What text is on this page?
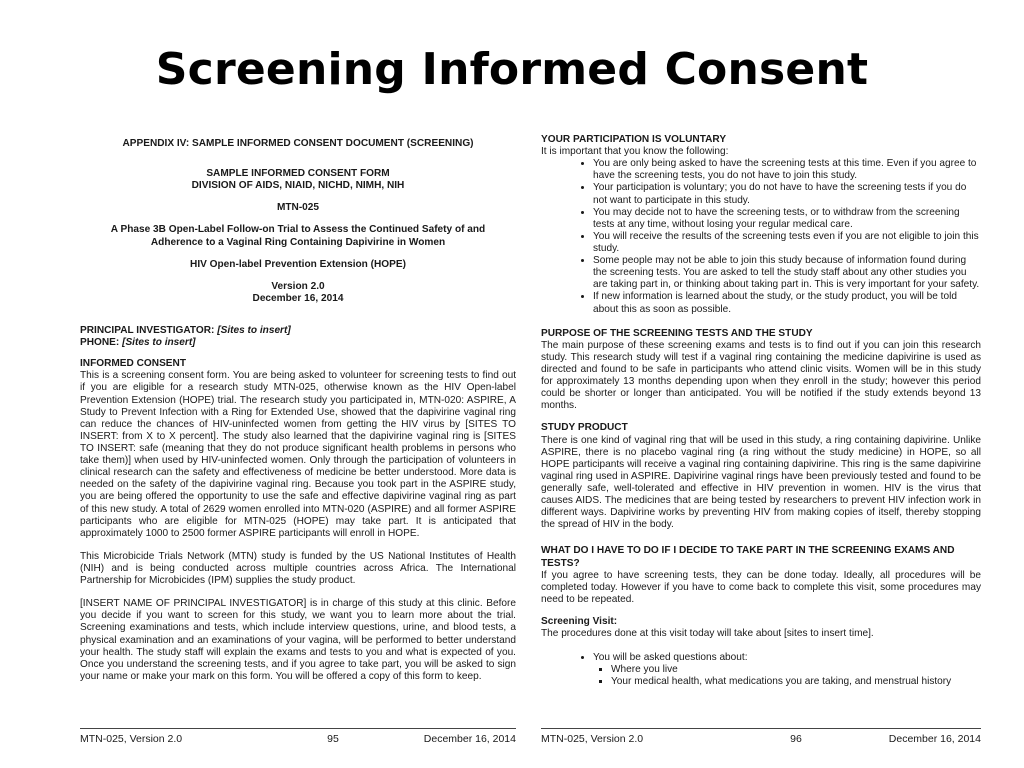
Screening Informed Consent

APPENDIX IV: SAMPLE INFORMED CONSENT DOCUMENT (SCREENING)

SAMPLE INFORMED CONSENT FORM

DIVISION OF AIDS, NIAID, NICHD, NIMH, NIH

MTN-025

A Phase 3B Open-Label Follow-on Trial to Assess the Continued Safety of and Adherence to a Vaginal Ring Containing Dapivirine in Women

HIV Open-label Prevention Extension (HOPE)

Version 2.0

December 16, 2014

PRINCIPAL INVESTIGATOR: [Sites to insert]

PHONE: [Sites to insert]

INFORMED CONSENT

This is a screening consent form. You are being asked to volunteer for screening tests to find out if you are eligible for a research study MTN-025, otherwise known as the HIV Open-label Prevention Extension (HOPE) trial. The research study you participated in, MTN-020: ASPIRE, A Study to Prevent Infection with a Ring for Extended Use, showed that the dapivirine vaginal ring can reduce the chances of HIV-uninfected women from getting the HIV virus by [SITES TO INSERT: from X to X percent]. The study also learned that the dapivirine vaginal ring is [SITES TO INSERT: safe (meaning that they do not produce significant health problems in persons who take them)] when used by HIV-uninfected women. Only through the participation of volunteers in clinical research can the safety and effectiveness of medicine be better understood. More data is needed on the safety of the dapivirine vaginal ring. Because you took part in the ASPIRE study, you are being offered the opportunity to use the safe and effective dapivirine vaginal ring as part of this new study. A total of 2629 women enrolled into MTN-020 (ASPIRE) and all former ASPIRE participants who are eligible for MTN-025 (HOPE) may take part. It is anticipated that approximately 1000 to 2500 former ASPIRE participants will enroll in HOPE.

This Microbicide Trials Network (MTN) study is funded by the US National Institutes of Health (NIH) and is being conducted across multiple countries across Africa. The International Partnership for Microbicides (IPM) supplies the study product.

[INSERT NAME OF PRINCIPAL INVESTIGATOR] is in charge of this study at this clinic. Before you decide if you want to screen for this study, we want you to learn more about the trial. Screening examinations and tests, which include interview questions, urine, and blood tests, a physical examination and an examinations of your vagina, will be performed to better understand your health. The study staff will explain the exams and tests to you and what is expected of you. Once you understand the screening tests, and if you agree to take part, you will be asked to sign your name or make your mark on this form. You will be offered a copy of this form to keep.

MTN-025, Version 2.0	95	December 16, 2014

YOUR PARTICIPATION IS VOLUNTARY

It is important that you know the following:

• You are only being asked to have the screening tests at this time. Even if you agree to have the screening tests, you do not have to join this study.
• Your participation is voluntary; you do not have to have the screening tests if you do not want to participate in this study.
• You may decide not to have the screening tests, or to withdraw from the screening tests at any time, without losing your regular medical care.
• You will receive the results of the screening tests even if you are not eligible to join this study.
• Some people may not be able to join this study because of information found during the screening tests. You are asked to tell the study staff about any other studies you are taking part in, or thinking about taking part in. This is very important for your safety.
• If new information is learned about the study, or the study product, you will be told about this as soon as possible.

PURPOSE OF THE SCREENING TESTS AND THE STUDY

The main purpose of these screening exams and tests is to find out if you can join this research study. This research study will test if a vaginal ring containing the medicine dapivirine is used as directed and found to be safe in participants who attend clinic visits. Women will be in this study for approximately 13 months depending upon when they enroll in the study; however this period could be shorter or longer than anticipated. You will be notified if the study extends beyond 13 months.

STUDY PRODUCT

There is one kind of vaginal ring that will be used in this study, a ring containing dapivirine. Unlike ASPIRE, there is no placebo vaginal ring (a ring without the study medicine) in HOPE, so all HOPE participants will receive a vaginal ring containing dapivirine. This ring is the same dapivirine vaginal ring used in ASPIRE. Dapivirine vaginal rings have been previously tested and found to be generally safe, well-tolerated and effective in HIV prevention in women. HIV is the virus that causes AIDS. The medicines that are being tested by researchers to prevent HIV infection work in different ways. Dapivirine works by preventing HIV from making copies of itself, thereby stopping the spread of HIV in the body.

WHAT DO I HAVE TO DO IF I DECIDE TO TAKE PART IN THE SCREENING EXAMS AND TESTS?

If you agree to have screening tests, they can be done today. Ideally, all procedures will be completed today. However if you have to come back to complete this visit, some procedures may need to be repeated.

Screening Visit:

The procedures done at this visit today will take about [sites to insert time].

• You will be asked questions about:
▪ Where you live
▪ Your medical health, what medications you are taking, and menstrual history
MTN-025, Version 2.0	96	December 16, 2014
